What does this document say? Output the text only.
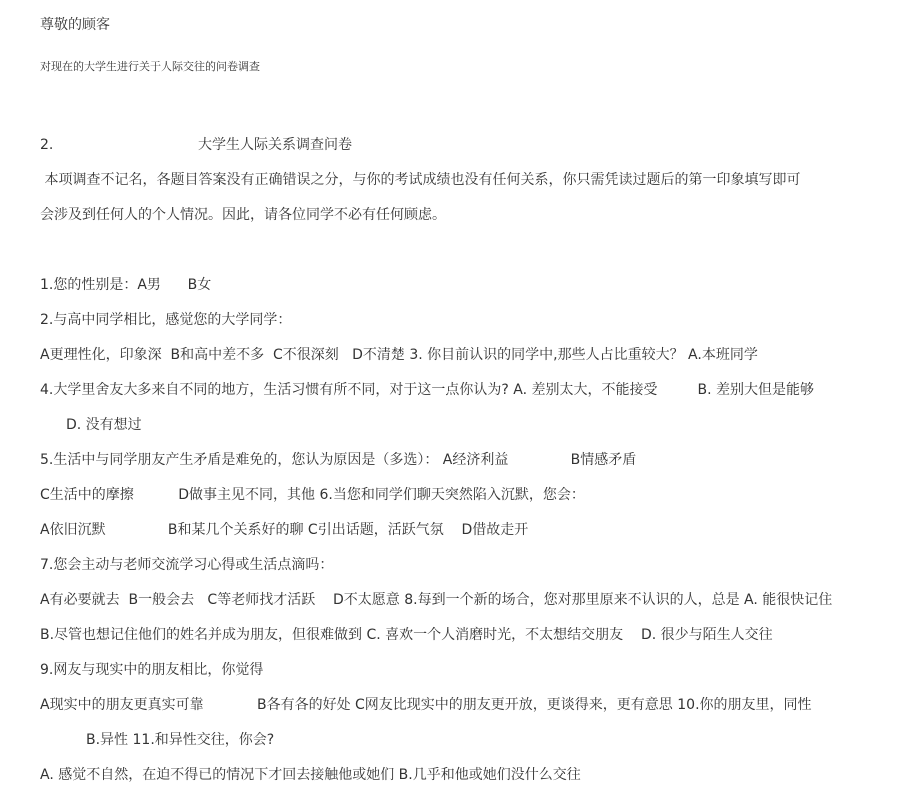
尊敬的顾客
对现在的大学生进行关于人际交往的问卷调查
2.	大学生人际关系调查问卷
本项调查不记名，各题目答案没有正确错误之分，与你的考试成绩也没有任何关系，你只需凭读过题后的第一印象填写即可
会涉及到任何人的个人情况。因此，请各位同学不必有任何顾虑。
1.您的性别是：A男      B女
2.与高中同学相比，感觉您的大学同学：
A更理性化，印象深  B和高中差不多  C不很深刻   D不清楚 3. 你目前认识的同学中,那些人占比重较大？ A.本班同学
4.大学里舍友大多来自不同的地方，生活习惯有所不同，对于这一点你认为? A. 差别太大，不能接受         B. 差别大但是能够
D. 没有想过
5.生活中与同学朋友产生矛盾是难免的，您认为原因是（多选）： A经济利益              B情感矛盾
C生活中的摩擦          D做事主见不同，其他 6.当您和同学们聊天突然陷入沉默，您会：
A依旧沉默              B和某几个关系好的聊 C引出话题，活跃气氛    D借故走开
7.您会主动与老师交流学习心得或生活点滴吗：
A有必要就去  B一般会去   C等老师找才活跃    D不太愿意 8.每到一个新的场合，您对那里原来不认识的人，总是 A. 能很快记住
B.尽管也想记住他们的姓名并成为朋友，但很难做到 C. 喜欢一个人消磨时光，不太想结交朋友    D. 很少与陌生人交往
9.网友与现实中的朋友相比，你觉得
A现实中的朋友更真实可靠            B各有各的好处 C网友比现实中的朋友更开放，更谈得来，更有意思 10.你的朋友里，同性
B.异性 11.和异性交往，你会?
A. 感觉不自然，在迫不得已的情况下才回去接触他或她们 B.几乎和他或她们没什么交往
